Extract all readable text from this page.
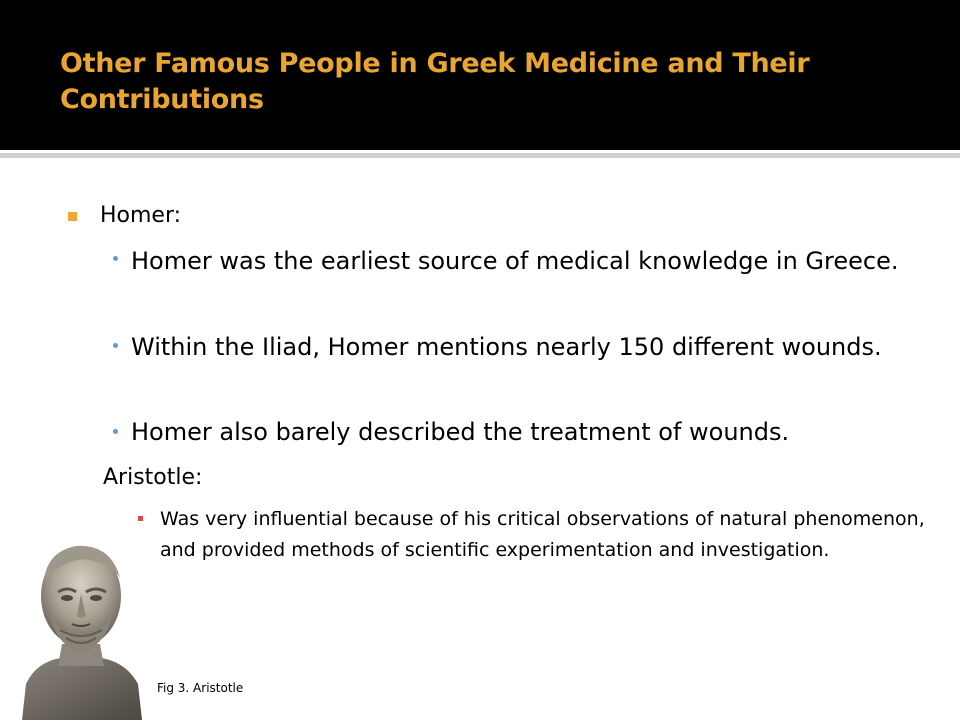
Other Famous People in Greek Medicine and Their Contributions
Homer:
Homer was the earliest source of medical knowledge in Greece.
Within the Iliad, Homer mentions nearly 150 different wounds.
Homer also barely described the treatment of wounds.
Aristotle:
Was very influential because of his critical observations of natural phenomenon, and provided methods of scientific experimentation and investigation.
Fig 3. Aristotle
